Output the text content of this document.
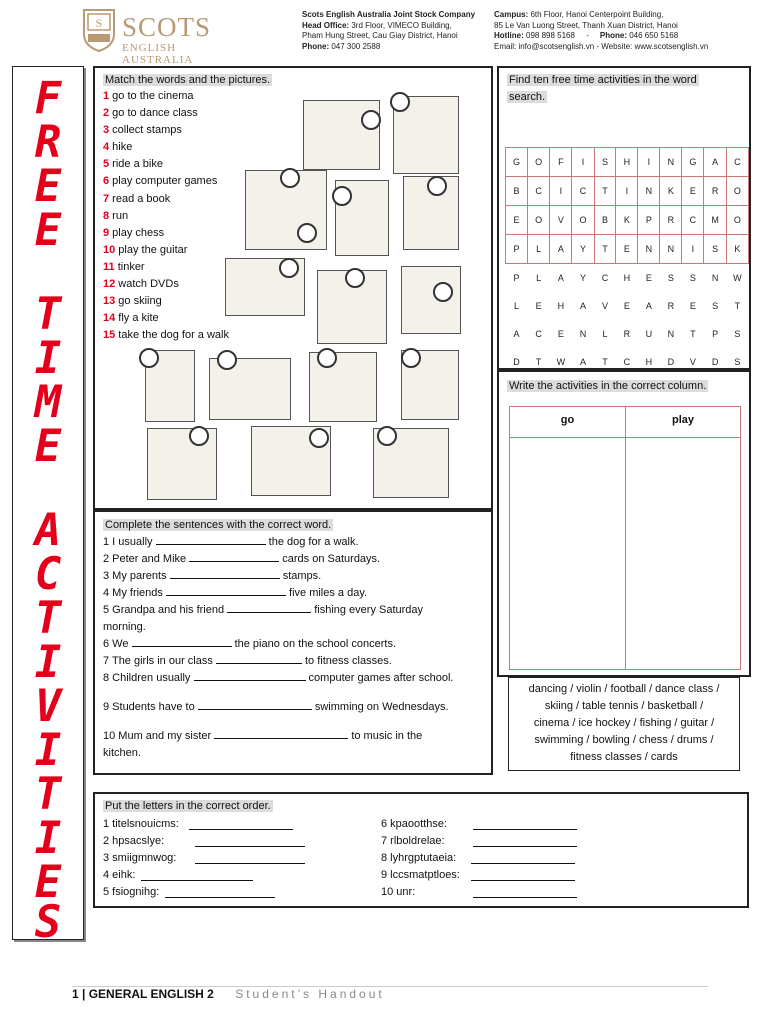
S SCOTS
ENGLISH AUSTRALIA
Scots English Australia Joint Stock Company
Head Office: 3rd Floor, VIMECO Building,
Pham Hung Street, Cau Giay District, Hanoi
Phone: 047 300 2588
Campus: 6th Floor, Hanoi Centerpoint Building,
85 Le Van Luong Street, Thanh Xuan District, Hanoi
Hotline: 098 898 5168 - Phone: 046 650 5168
Email: info@scotsenglish.vn - Website: www.scotsenglish.vn
F
R
E
E
T
I
M
E
A
C
T
I
V
I
T
I
E
S
Match the words and the pictures.
1 go to the cinema
2 go to dance class
3 collect stamps
4 hike
5 ride a bike
6 play computer games
7 read a book
8 run
9 play chess
10 play the guitar
11 tinker
12 watch DVDs
13 go skiing
14 fly a kite
15 take the dog for a walk
Find ten free time activities in the word
search.
G	O	F	I	S	H	I	N	G	A	C
B	C	I	C	T	I	N	K	E	R	O
E	O	V	O	B	K	P	R	C	M	O
P	L	A	Y	T	E	N	N	I	S	K
P	L	A	Y	C	H	E	S	S	N	W
L	E	H	A	V	E	A	R	E	S	T
A	C	E	N	L	R	U	N	T	P	S
D	T	W	A	T	C	H	D	V	D	S
Write the activities in the correct column.
go	play
dancing / violin / football / dance class /
skiing / table tennis / basketball /
cinema / ice hockey / fishing / guitar /
swimming / bowling / chess / drums /
fitness classes / cards
Complete the sentences with the correct word.
1 I usually	the dog for a walk.
2 Peter and Mike	cards on Saturdays.
3 My parents	stamps.
4 My friends	five miles a day.
5 Grandpa and his friend	fishing every Saturday
morning.
6 We	the piano on the school concerts.
7 The girls in our class	to fitness classes.
8 Children usually	computer games after school.
9 Students have to	swimming on Wednesdays.
10 Mum and my sister	to music in the
kitchen.
Put the letters in the correct order.
1 titelsnouicms:
2 hpsacslye:
3 smiigmnwog:
4 eihk:
5 fsiognihg:
6 kpaootthse:
7 rlboldrelae:
8 lyhrgptutaeia:
9 lccsmatptloes:
10 unr:
1 | GENERAL ENGLISH 2 Student’s Handout
